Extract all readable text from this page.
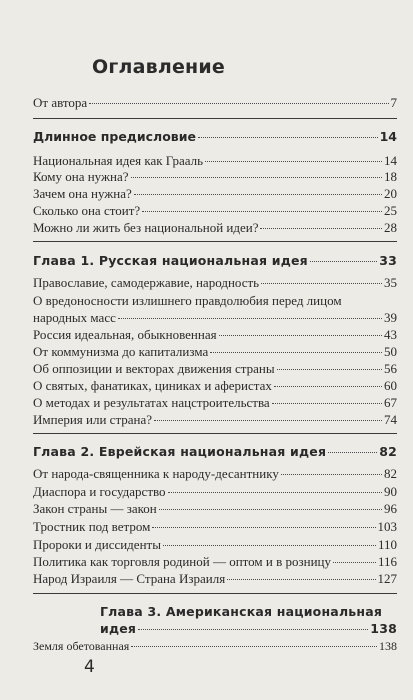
Оглавление
От автора	7
Длинное предисловие	14
Национальная идея как Грааль	14
Кому она нужна?	18
Зачем она нужна?	20
Сколько она стоит?	25
Можно ли жить без национальной идеи?	28
Глава 1. Русская национальная идея	33
Православие, самодержавие, народность	35
О вредоносности излишнего правдолюбия перед лицом
народных масс	39
Россия идеальная, обыкновенная	43
От коммунизма до капитализма	50
Об оппозиции и векторах движения страны	56
О святых, фанатиках, циниках и аферистах	60
О методах и результатах нацстроительства	67
Империя или страна?	74
Глава 2. Еврейская национальная идея	82
От народа-священника к народу-десантнику	82
Диаспора и государство	90
Закон страны — закон	96
Тростник под ветром	103
Пророки и диссиденты	110
Политика как торговля родиной — оптом и в розницу	116
Народ Израиля — Страна Израиля	127
Глава 3. Американская национальная
идея	138
Земля обетованная	138
4
